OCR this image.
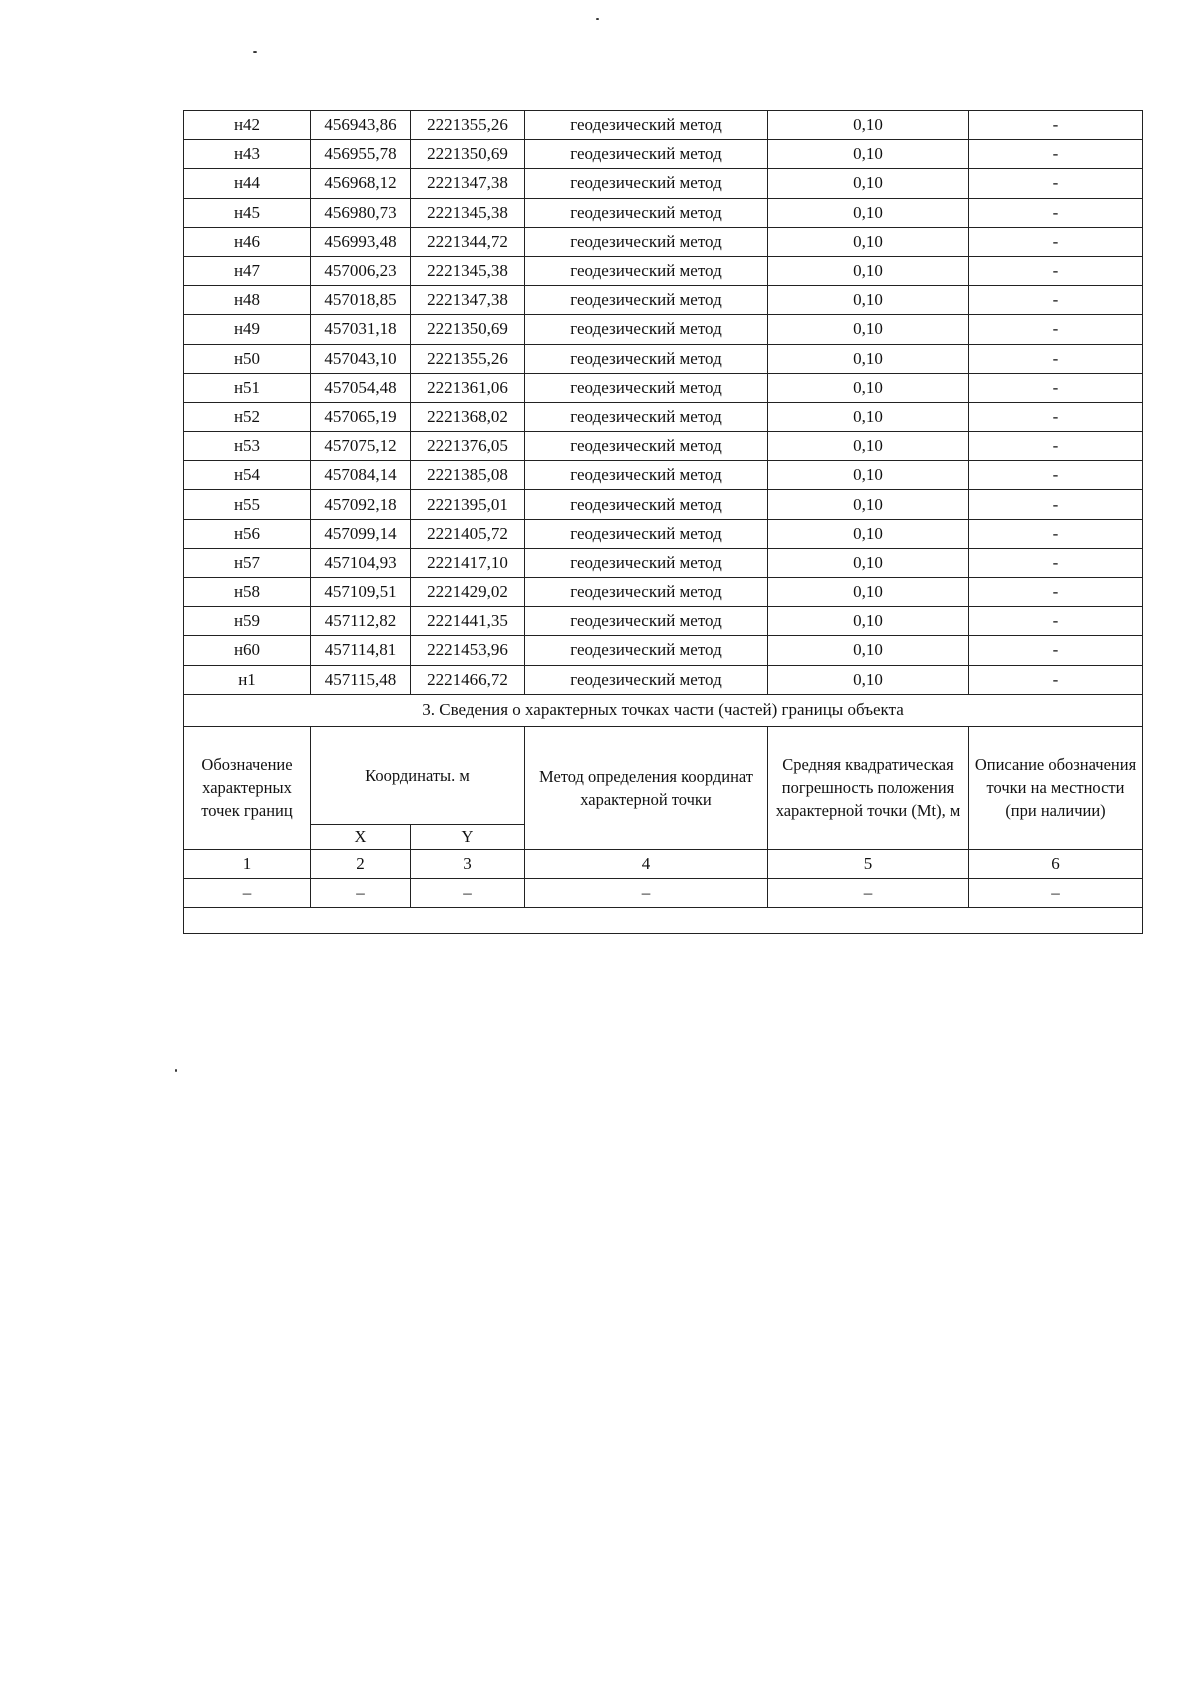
н42	456943,86	2221355,26	геодезический метод	0,10	-
н43	456955,78	2221350,69	геодезический метод	0,10	-
н44	456968,12	2221347,38	геодезический метод	0,10	-
н45	456980,73	2221345,38	геодезический метод	0,10	-
н46	456993,48	2221344,72	геодезический метод	0,10	-
н47	457006,23	2221345,38	геодезический метод	0,10	-
н48	457018,85	2221347,38	геодезический метод	0,10	-
н49	457031,18	2221350,69	геодезический метод	0,10	-
н50	457043,10	2221355,26	геодезический метод	0,10	-
н51	457054,48	2221361,06	геодезический метод	0,10	-
н52	457065,19	2221368,02	геодезический метод	0,10	-
н53	457075,12	2221376,05	геодезический метод	0,10	-
н54	457084,14	2221385,08	геодезический метод	0,10	-
н55	457092,18	2221395,01	геодезический метод	0,10	-
н56	457099,14	2221405,72	геодезический метод	0,10	-
н57	457104,93	2221417,10	геодезический метод	0,10	-
н58	457109,51	2221429,02	геодезический метод	0,10	-
н59	457112,82	2221441,35	геодезический метод	0,10	-
н60	457114,81	2221453,96	геодезический метод	0,10	-
н1	457115,48	2221466,72	геодезический метод	0,10	-
3. Сведения о характерных точках части (частей) границы объекта					
Обозначение характерных точек границ	Координаты. м		Метод определения координат характерной точки	Средняя квадратическая погрешность положения характерной точки (Mt), м	Описание обозначения точки на местности (при наличии)
	X	Y			
1	2	3	4	5	6
–	–	–	–	–	–
